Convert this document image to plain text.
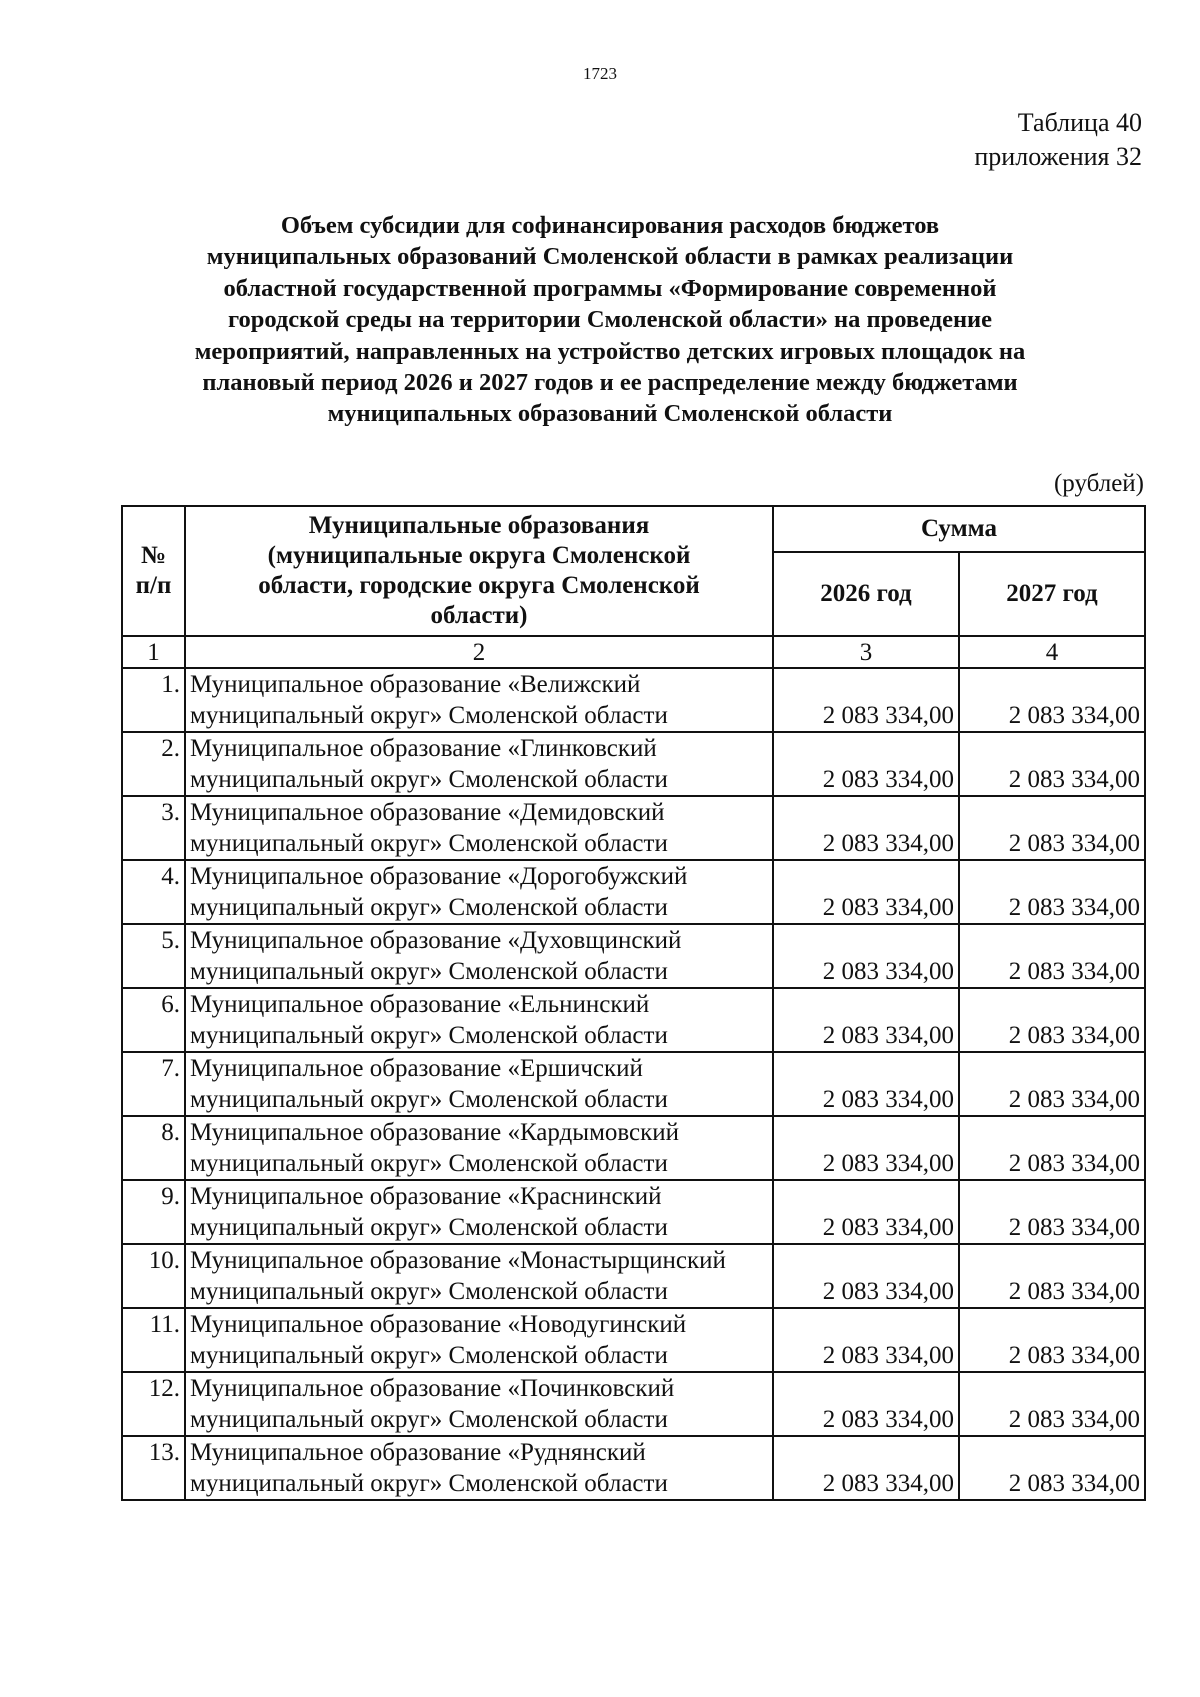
1723
Таблица 40
приложения 32
Объем субсидии для софинансирования расходов бюджетов
муниципальных образований Смоленской области в рамках реализации
областной государственной программы «Формирование современной
городской среды на территории Смоленской области» на проведение
мероприятий, направленных на устройство детских игровых площадок на
плановый период 2026 и 2027 годов и ее распределение между бюджетами
муниципальных образований Смоленской области
(рублей)
№ п/п	Муниципальные образования (муниципальные округа Смоленской области, городские округа Смоленской области)	Сумма	
		2026 год	2027 год
1	2	3	4
1.	Муниципальное образование «Велижский муниципальный округ» Смоленской области	2 083 334,00	2 083 334,00
2.	Муниципальное образование «Глинковский муниципальный округ» Смоленской области	2 083 334,00	2 083 334,00
3.	Муниципальное образование «Демидовский муниципальный округ» Смоленской области	2 083 334,00	2 083 334,00
4.	Муниципальное образование «Дорогобужский муниципальный округ» Смоленской области	2 083 334,00	2 083 334,00
5.	Муниципальное образование «Духовщинский муниципальный округ» Смоленской области	2 083 334,00	2 083 334,00
6.	Муниципальное образование «Ельнинский муниципальный округ» Смоленской области	2 083 334,00	2 083 334,00
7.	Муниципальное образование «Ершичский муниципальный округ» Смоленской области	2 083 334,00	2 083 334,00
8.	Муниципальное образование «Кардымовский муниципальный округ» Смоленской области	2 083 334,00	2 083 334,00
9.	Муниципальное образование «Краснинский муниципальный округ» Смоленской области	2 083 334,00	2 083 334,00
10.	Муниципальное образование «Монастырщинский муниципальный округ» Смоленской области	2 083 334,00	2 083 334,00
11.	Муниципальное образование «Новодугинский муниципальный округ» Смоленской области	2 083 334,00	2 083 334,00
12.	Муниципальное образование «Починковский муниципальный округ» Смоленской области	2 083 334,00	2 083 334,00
13.	Муниципальное образование «Руднянский муниципальный округ» Смоленской области	2 083 334,00	2 083 334,00
